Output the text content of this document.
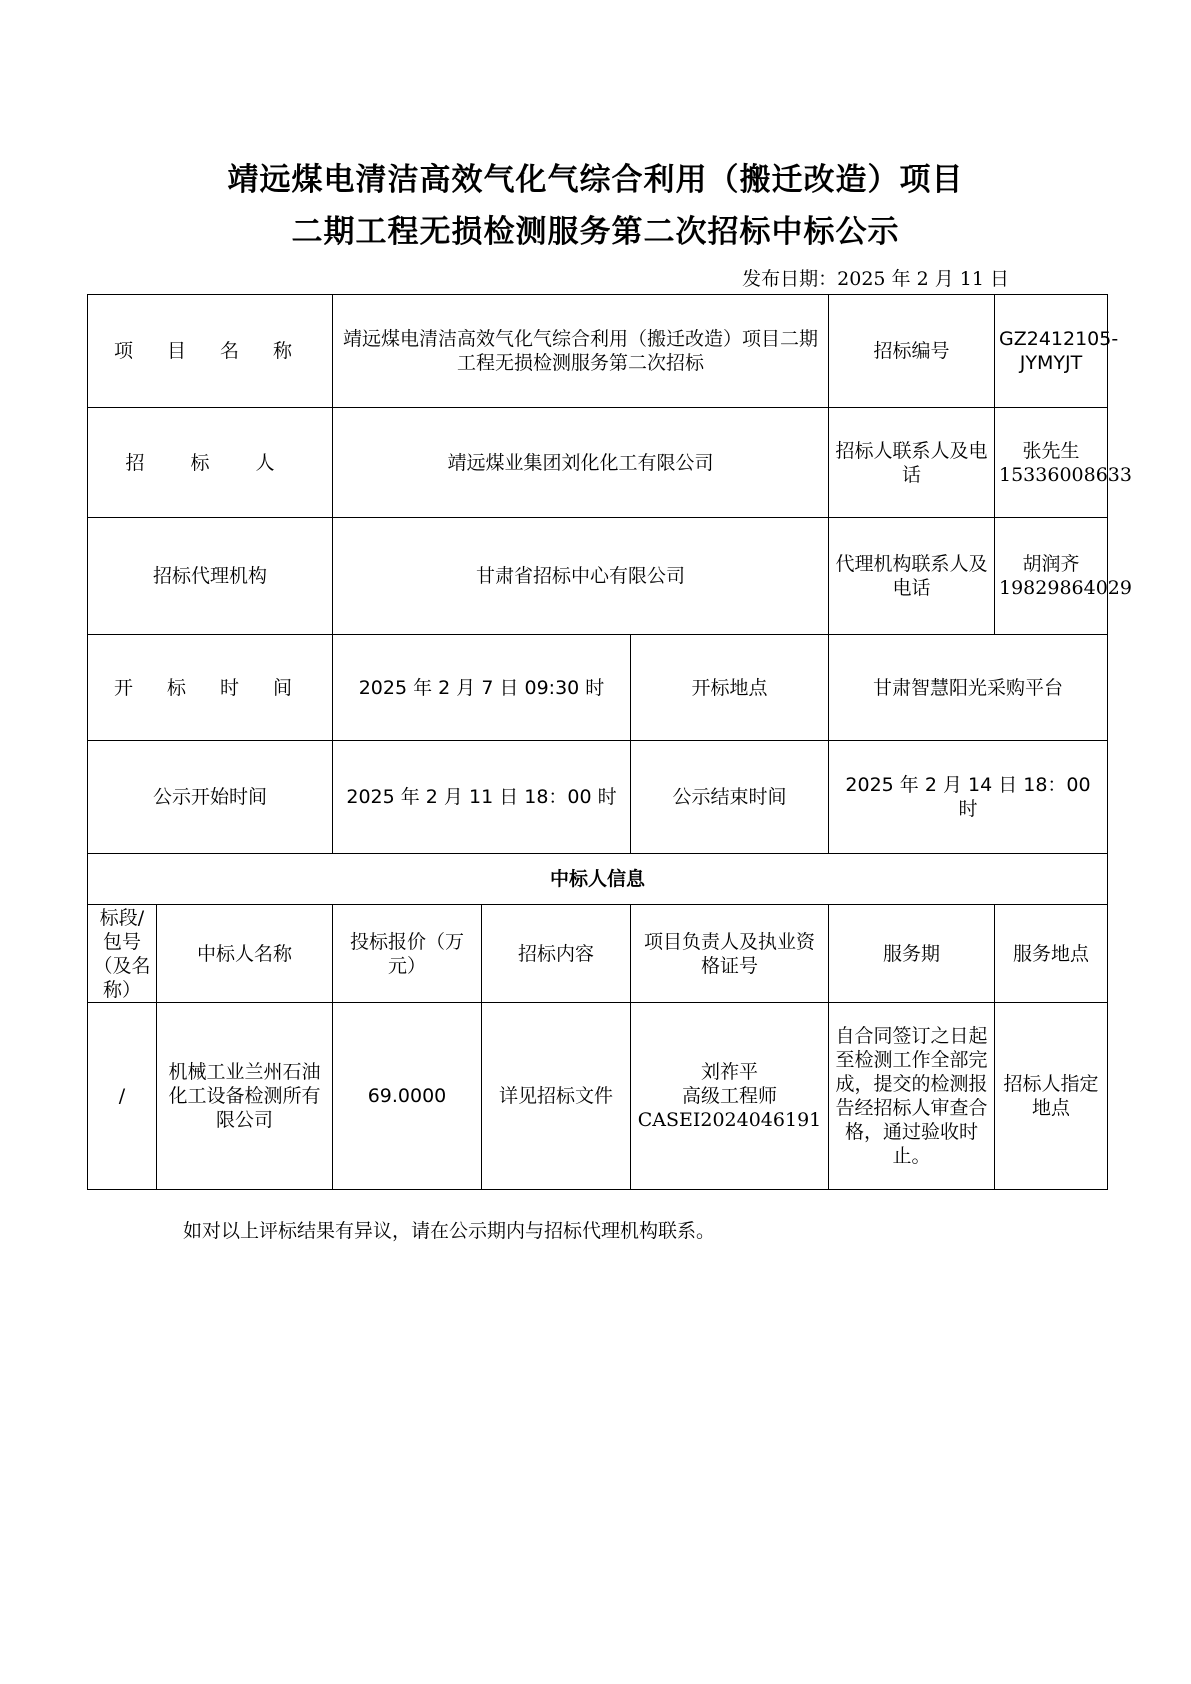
靖远煤电清洁高效气化气综合利用（搬迁改造）项目
二期工程无损检测服务第二次招标中标公示
发布日期：2025 年 2 月 11 日
项 目 名 称		靖远煤电清洁高效气化气综合利用（搬迁改造）项目二期工程无损检测服务第二次招标			招标编号	GZ2412105-JYMYJT
招 标 人		靖远煤业集团刘化化工有限公司			招标人联系人及电话	张先生
15336008633

招标代理机构		甘肃省招标中心有限公司			代理机构联系人及电话	胡润齐
19829864029

开 标 时 间		2025 年 2 月 7 日 09:30 时		开标地点	甘肃智慧阳光采购平台	
公示开始时间		2025 年 2 月 11 日 18：00 时		公示结束时间	2025 年 2 月 14 日 18：00 时	
中标人信息						
标段/包号（及名称）	中标人名称	投标报价（万元）	招标内容	项目负责人及执业资格证号	服务期	服务地点
/	机械工业兰州石油化工设备检测所有限公司	69.0000	详见招标文件	刘祚平
高级工程师
CASEI2024046191	自合同签订之日起至检测工作全部完成，提交的检测报告经招标人审查合格，通过验收时止。	招标人指定地点
如对以上评标结果有异议，请在公示期内与招标代理机构联系。
